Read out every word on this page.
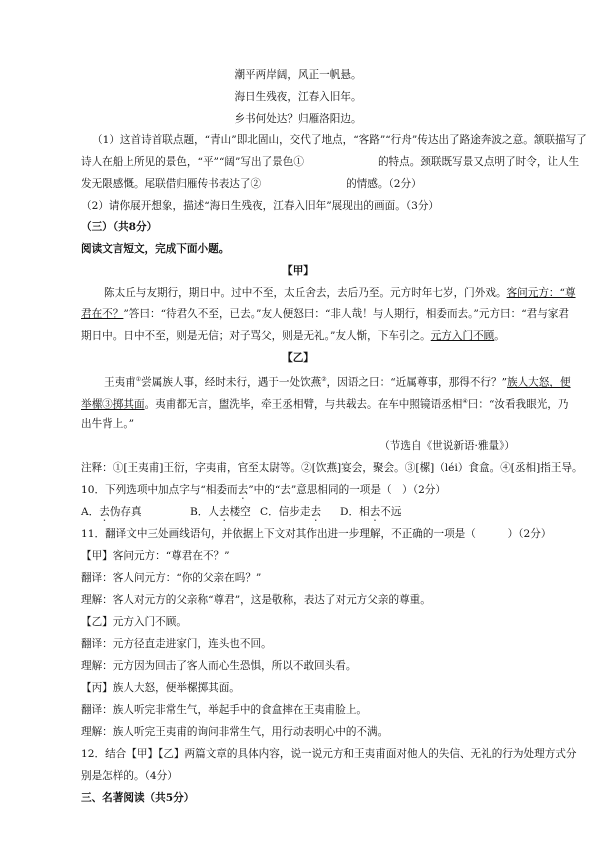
潮平两岸阔，风正一帆悬。
海日生残夜，江春入旧年。
乡书何处达？归雁洛阳边。
（1）这首诗首联点题，“青山”即北固山，交代了地点，“客路”“行舟”传达出了路途奔波之意。颔联描写了
诗人在船上所见的景色，“平”“阔”写出了景色①	的特点。颈联既写景又点明了时令，让人生
发无限感慨。尾联借归雁传书表达了②	的情感。（2分）
（2）请你展开想象，描述“海日生残夜，江春入旧年”展现出的画面。（3分）
（三）（共8分）
阅读文言短文，完成下面小题。
【甲】
陈太丘与友期行，期日中。过中不至，太丘舍去，去后乃至。元方时年七岁，门外戏。客问元方：“尊
君在不？”答曰：“待君久不至，已去。”友人便怒曰：“非人哉！与人期行，相委而去。”元方曰：“君与家君
期日中。日中不至，则是无信；对子骂父，则是无礼。”友人惭，下车引之。元方入门不顾。
【乙】
王夷甫①尝属族人事，经时未行，遇于一处饮燕②，因语之曰：“近属尊事，那得不行？”族人大怒，便
举樏③掷其面。夷甫都无言，盥洗毕，牵王丞相臂，与共载去。在车中照镜语丞相④曰：“汝看我眼光，乃
出牛背上。”
（节选自《世说新语·雅量》）
注释：①[王夷甫]王衍，字夷甫，官至太尉等。②[饮燕]宴会，聚会。③[樏]（léi）食盒。④[丞相]指王导。
10．下列选项中加点字与“相委而去”中的“去”意思相同的一项是（　）（2分）
A．去伪存真	B．人去楼空 C．信步走去 D．相去不远
11．翻译文中三处画线语句，并依据上下文对其作出进一步理解，不正确的一项是（　　　）（2分）
【甲】客问元方：“尊君在不？”
翻译：客人问元方：“你的父亲在吗？”
理解：客人对元方的父亲称“尊君”，这是敬称，表达了对元方父亲的尊重。
【乙】元方入门不顾。
翻译：元方径直走进家门，连头也不回。
理解：元方因为回击了客人而心生恐惧，所以不敢回头看。
【丙】族人大怒，便举樏掷其面。
翻译：族人听完非常生气，举起手中的食盒摔在王夷甫脸上。
理解：族人听完王夷甫的询问非常生气，用行动表明心中的不满。
12．结合【甲】【乙】两篇文章的具体内容，说一说元方和王夷甫面对他人的失信、无礼的行为处理方式分
别是怎样的。（4分）
三、名著阅读（共5分）
